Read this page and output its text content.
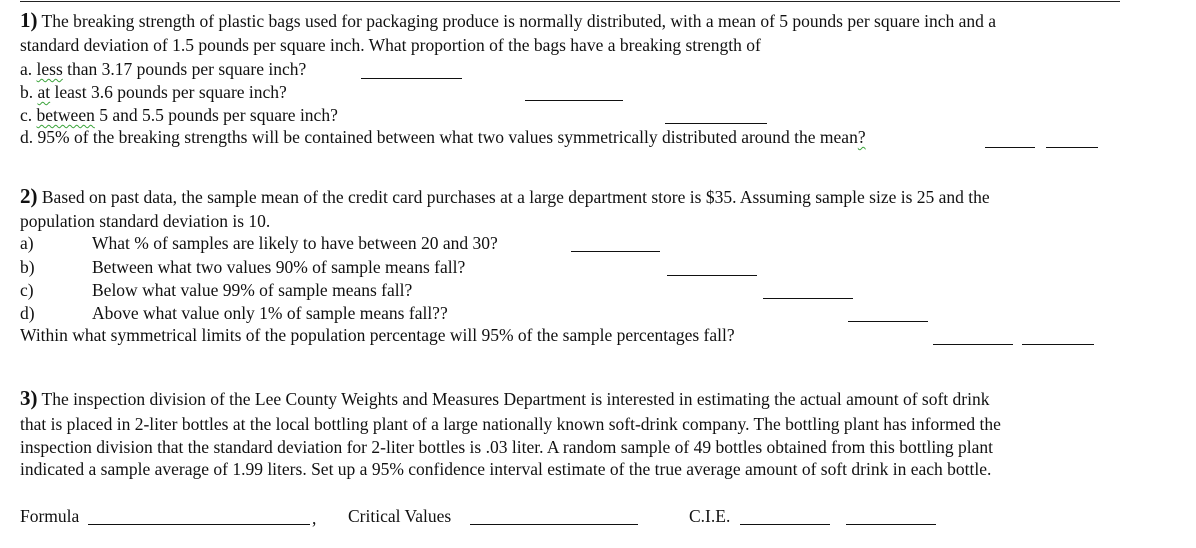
1) The breaking strength of plastic bags used for packaging produce is normally distributed, with a mean of 5 pounds per square inch and a
standard deviation of 1.5 pounds per square inch. What proportion of the bags have a breaking strength of
a. less than 3.17 pounds per square inch?
b. at least 3.6 pounds per square inch?
c. between 5 and 5.5 pounds per square inch?
d. 95% of the breaking strengths will be contained between what two values symmetrically distributed around the mean?
2) Based on past data, the sample mean of the credit card purchases at a large department store is $35. Assuming sample size is 25 and the
population standard deviation is 10.
a)	What % of samples are likely to have between 20 and 30?
b)	Between what two values 90% of sample means fall?
c)	Below what value 99% of sample means fall?
d)	Above what value only 1% of sample means fall??
Within what symmetrical limits of the population percentage will 95% of the sample percentages fall?
3) The inspection division of the Lee County Weights and Measures Department is interested in estimating the actual amount of soft drink
that is placed in 2-liter bottles at the local bottling plant of a large nationally known soft-drink company. The bottling plant has informed the
inspection division that the standard deviation for 2-liter bottles is .03 liter. A random sample of 49 bottles obtained from this bottling plant
indicated a sample average of 1.99 liters. Set up a 95% confidence interval estimate of the true average amount of soft drink in each bottle.
Formula	, Critical Values	C.I.E.
